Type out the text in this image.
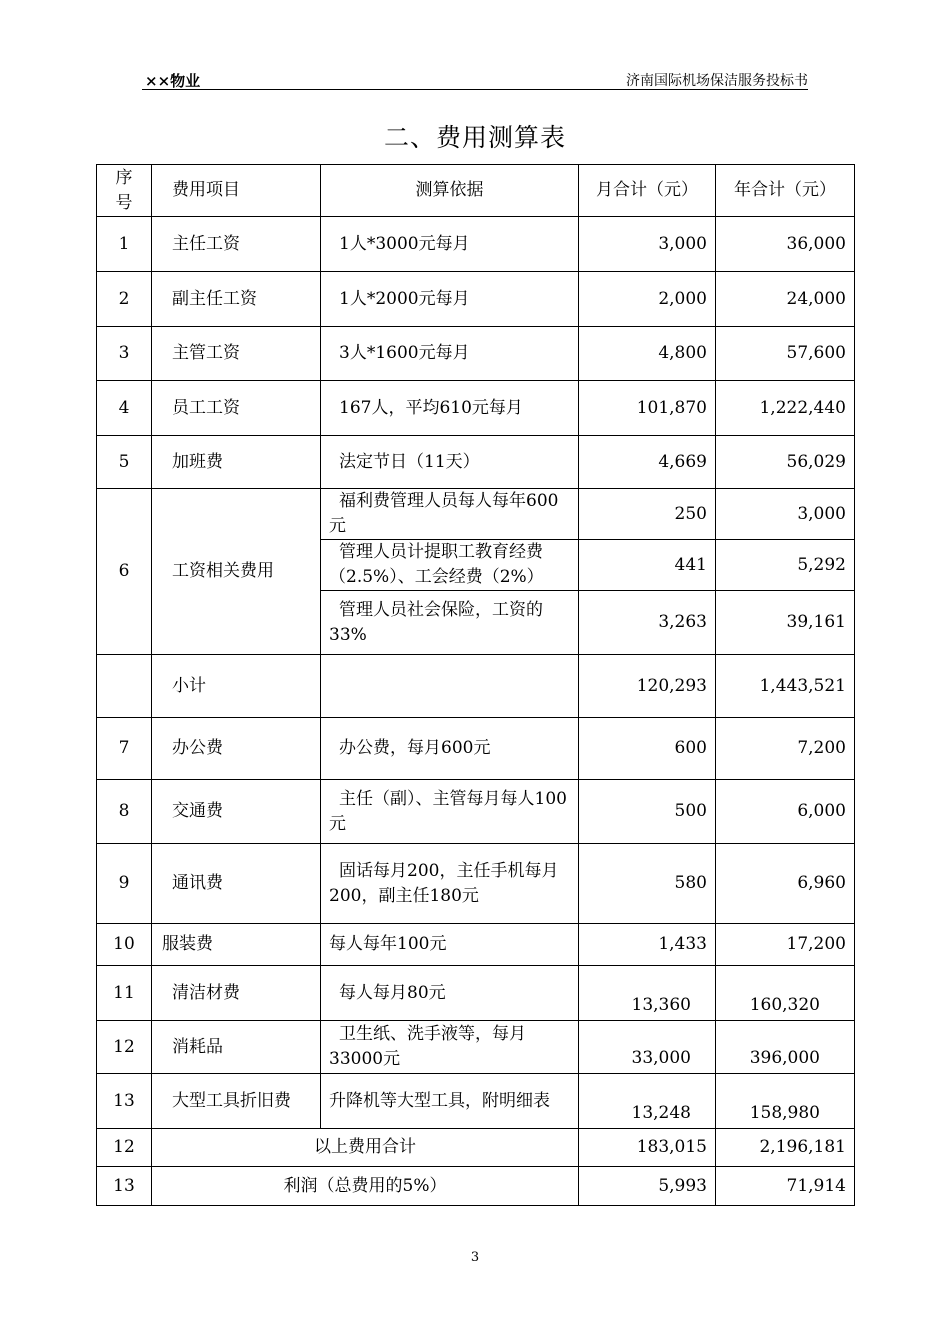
××物业	济南国际机场保洁服务投标书
二、费用测算表
序号	费用项目	测算依据	月合计（元）	年合计（元）
1	主任工资	1人*3000元每月	3,000	36,000
2	副主任工资	1人*2000元每月	2,000	24,000
3	主管工资	3人*1600元每月	4,800	57,600
4	员工工资	167人，平均610元每月	101,870	1,222,440
5	加班费	法定节日（11天）	4,669	56,029
6	工资相关费用	福利费管理人员每人每年600元	250	3,000
		管理人员计提职工教育经费（2.5%）、工会经费（2%）	441	5,292
		管理人员社会保险，工资的33%	3,263	39,161
	小计		120,293	1,443,521
7	办公费	办公费，每月600元	600	7,200
8	交通费	主任（副）、主管每月每人100元	500	6,000
9	通讯费	固话每月200，主任手机每月200，副主任180元	580	6,960
10	服装费	每人每年100元	1,433	17,200
11	清洁材费	每人每月80元	13,360	160,320
12	消耗品	卫生纸、洗手液等，每月33000元	33,000	396,000
13	大型工具折旧费	升降机等大型工具，附明细表	13,248	158,980
12	以上费用合计		183,015	2,196,181
13	利润（总费用的5%）		5,993	71,914
3
